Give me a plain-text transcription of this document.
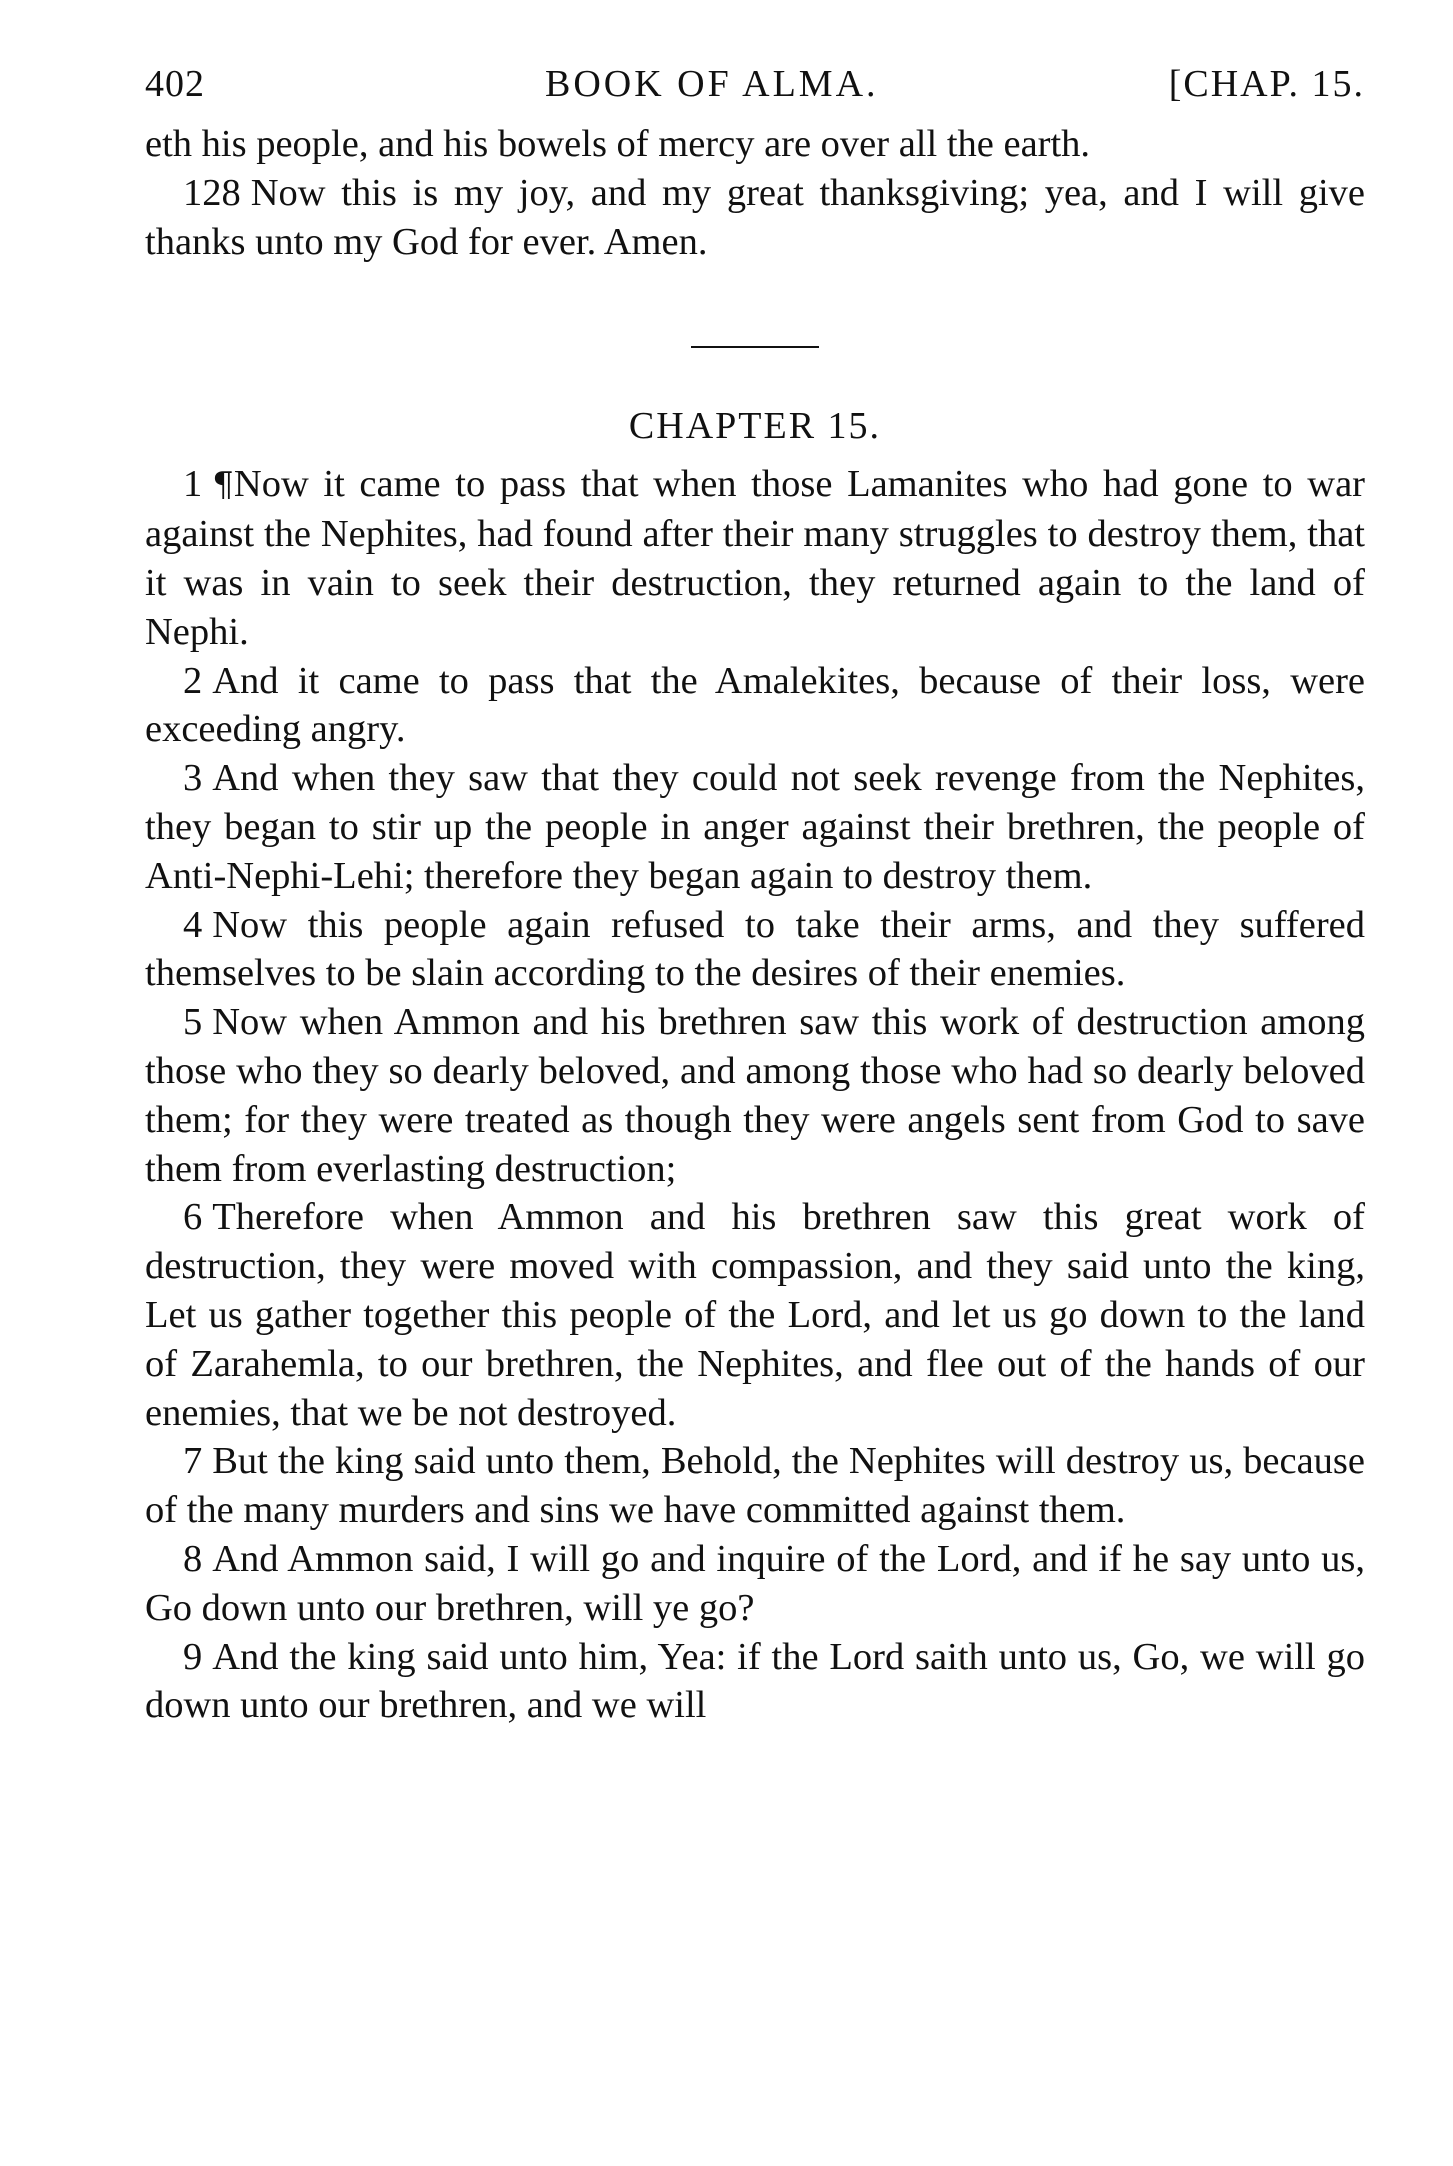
402	BOOK OF ALMA.	[CHAP. 15.

eth his people, and his bowels of mercy are over all the earth.

128 Now this is my joy, and my great thanksgiving; yea, and I will give thanks unto my God for ever. Amen.

CHAPTER 15.

1 ¶Now it came to pass that when those Lamanites who had gone to war against the Nephites, had found after their many struggles to destroy them, that it was in vain to seek their destruction, they returned again to the land of Nephi.

2 And it came to pass that the Amalekites, because of their loss, were exceeding angry.

3 And when they saw that they could not seek revenge from the Nephites, they began to stir up the people in anger against their brethren, the people of Anti-Nephi-Lehi; therefore they began again to destroy them.

4 Now this people again refused to take their arms, and they suffered themselves to be slain according to the desires of their enemies.

5 Now when Ammon and his brethren saw this work of destruction among those who they so dearly beloved, and among those who had so dearly beloved them; for they were treated as though they were angels sent from God to save them from everlasting destruction;

6 Therefore when Ammon and his brethren saw this great work of destruction, they were moved with compassion, and they said unto the king, Let us gather together this people of the Lord, and let us go down to the land of Zarahemla, to our brethren, the Nephites, and flee out of the hands of our enemies, that we be not destroyed.

7 But the king said unto them, Behold, the Nephites will destroy us, because of the many murders and sins we have committed against them.

8 And Ammon said, I will go and inquire of the Lord, and if he say unto us, Go down unto our brethren, will ye go?

9 And the king said unto him, Yea: if the Lord saith unto us, Go, we will go down unto our brethren, and we will
